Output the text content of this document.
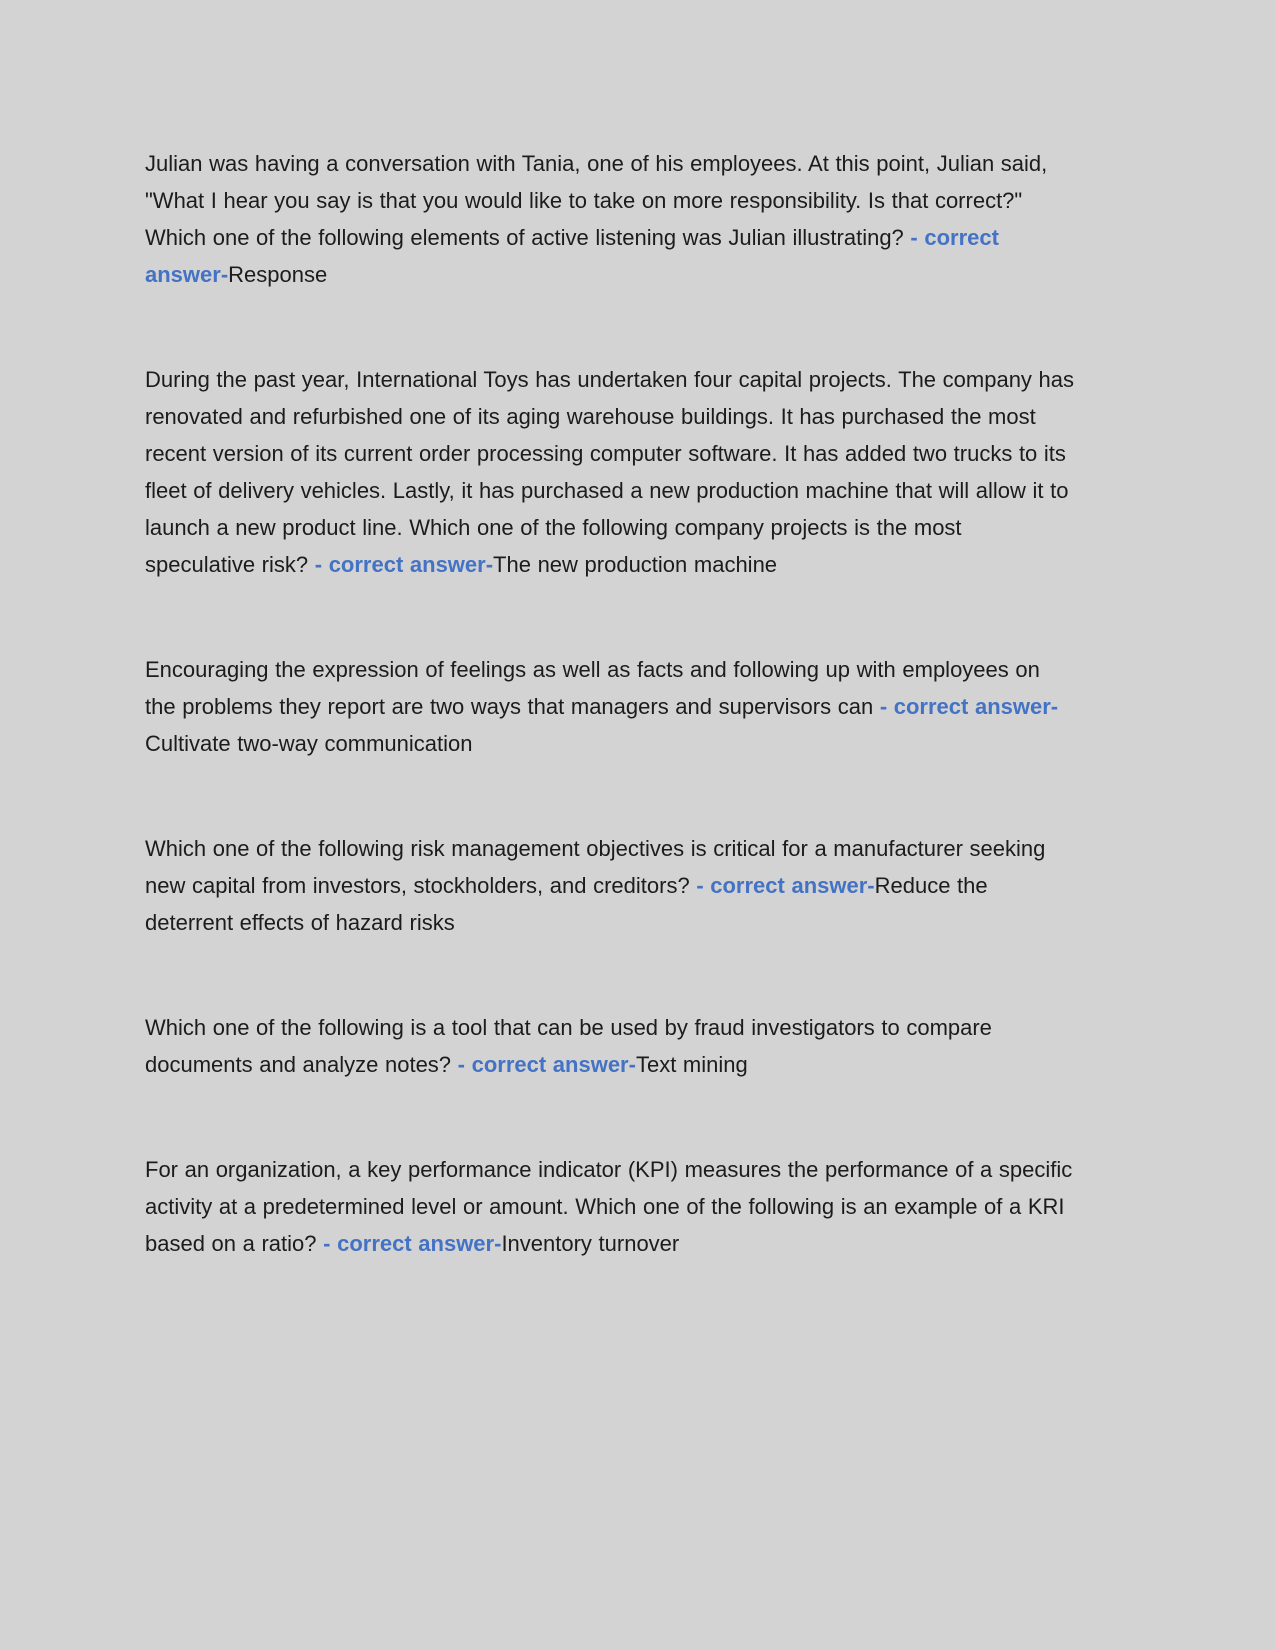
Julian was having a conversation with Tania, one of his employees. At this point, Julian said, "What I hear you say is that you would like to take on more responsibility. Is that correct?" Which one of the following elements of active listening was Julian illustrating? - correct answer-Response

During the past year, International Toys has undertaken four capital projects. The company has renovated and refurbished one of its aging warehouse buildings. It has purchased the most recent version of its current order processing computer software. It has added two trucks to its fleet of delivery vehicles. Lastly, it has purchased a new production machine that will allow it to launch a new product line. Which one of the following company projects is the most speculative risk? - correct answer-The new production machine

Encouraging the expression of feelings as well as facts and following up with employees on the problems they report are two ways that managers and supervisors can - correct answer-Cultivate two-way communication

Which one of the following risk management objectives is critical for a manufacturer seeking new capital from investors, stockholders, and creditors? - correct answer-Reduce the deterrent effects of hazard risks

Which one of the following is a tool that can be used by fraud investigators to compare documents and analyze notes? - correct answer-Text mining

For an organization, a key performance indicator (KPI) measures the performance of a specific activity at a predetermined level or amount. Which one of the following is an example of a KRI based on a ratio? - correct answer-Inventory turnover
